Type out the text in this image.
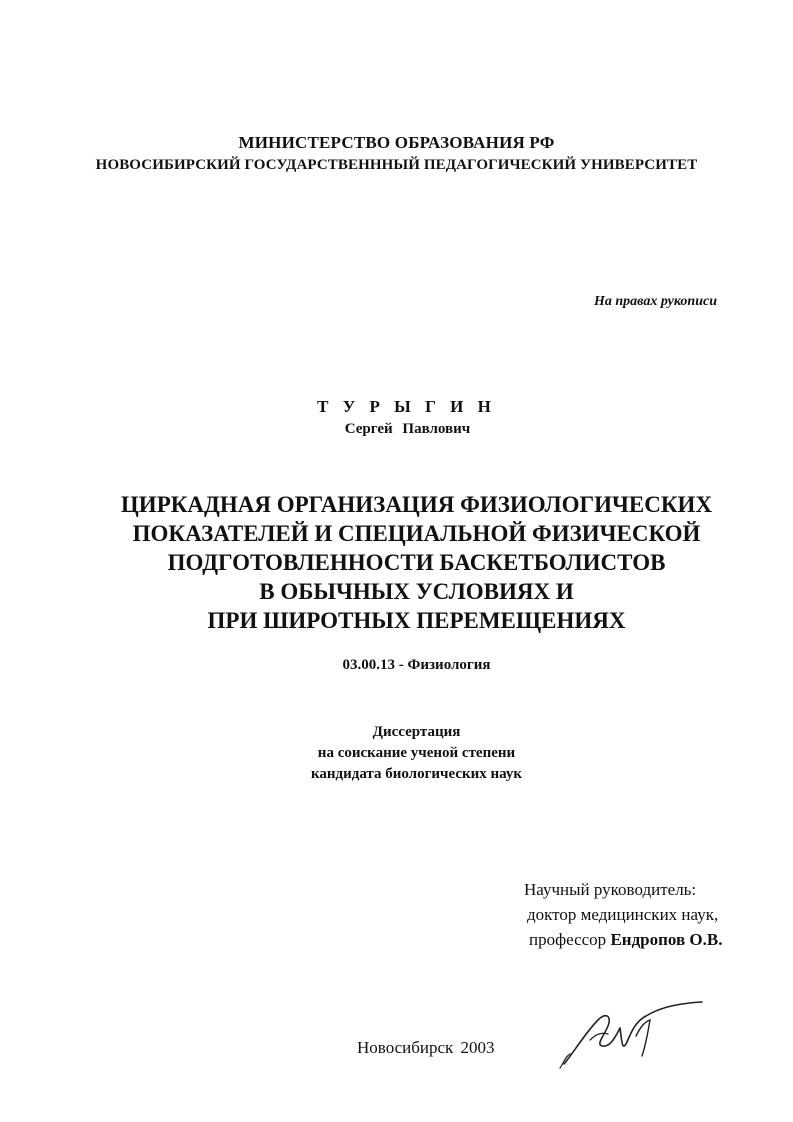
МИНИСТЕРСТВО ОБРАЗОВАНИЯ РФ
НОВОСИБИРСКИЙ ГОСУДАРСТВЕНННЫЙ ПЕДАГОГИЧЕСКИЙ УНИВЕРСИТЕТ
На правах рукописи
Т У Р Ы Г И Н
Сергей Павлович
ЦИРКАДНАЯ ОРГАНИЗАЦИЯ ФИЗИОЛОГИЧЕСКИХ
ПОКАЗАТЕЛЕЙ И СПЕЦИАЛЬНОЙ ФИЗИЧЕСКОЙ
ПОДГОТОВЛЕННОСТИ БАСКЕТБОЛИСТОВ
В ОБЫЧНЫХ УСЛОВИЯХ И
ПРИ ШИРОТНЫХ ПЕРЕМЕЩЕНИЯХ
03.00.13 - Физиология
Диссертация
на соискание ученой степени
кандидата биологических наук
Научный руководитель:
доктор медицинских наук,
профессор Ендропов О.В.
Новосибирск 2003
